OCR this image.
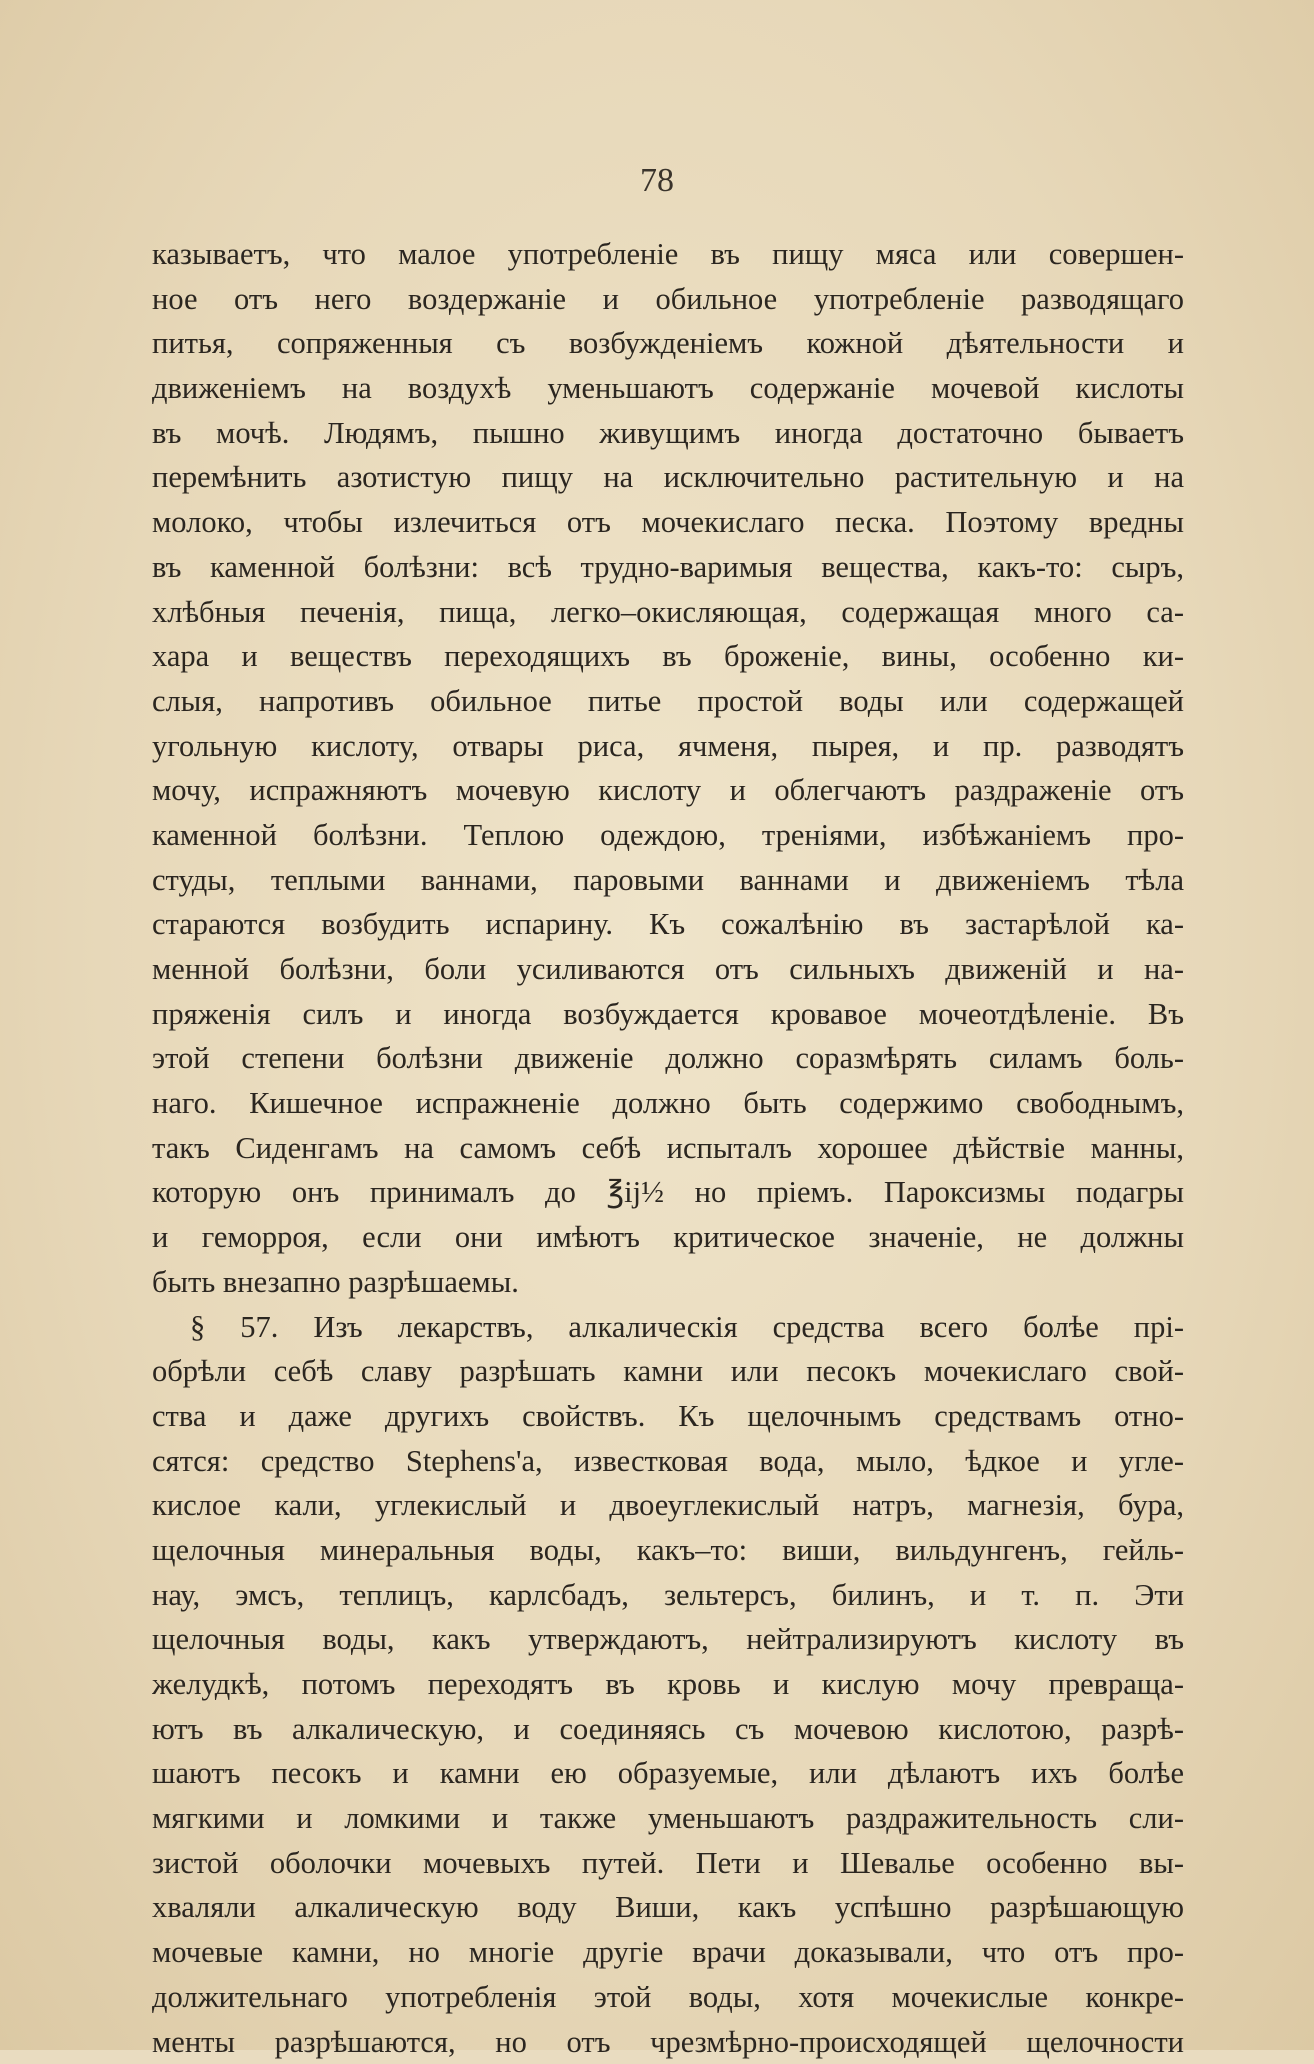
78
казываетъ, что малое употребленіе въ пищу мяса или совершен-
ное отъ него воздержаніе и обильное употребленіе разводящаго
питья, сопряженныя съ возбужденіемъ кожной дѣятельности и
движеніемъ на воздухѣ уменьшаютъ содержаніе мочевой кислоты
въ мочѣ. Людямъ, пышно живущимъ иногда достаточно бываетъ
перемѣнить азотистую пищу на исключительно растительную и на
молоко, чтобы излечиться отъ мочекислаго песка. Поэтому вредны
въ каменной болѣзни: всѣ трудно-варимыя вещества, какъ-то: сыръ,
хлѣбныя печенія, пища, легко–окисляющая, содержащая много са-
хара и веществъ переходящихъ въ броженіе, вины, особенно ки-
слыя, напротивъ обильное питье простой воды или содержащей
угольную кислоту, отвары риса, ячменя, пырея, и пр. разводятъ
мочу, испражняютъ мочевую кислоту и облегчаютъ раздраженіе отъ
каменной болѣзни. Теплою одеждою, треніями, избѣжаніемъ про-
студы, теплыми ваннами, паровыми ваннами и движеніемъ тѣла
стараются возбудить испарину. Къ сожалѣнію въ застарѣлой ка-
менной болѣзни, боли усиливаются отъ сильныхъ движеній и на-
пряженія силъ и иногда возбуждается кровавое мочеотдѣленіе. Въ
этой степени болѣзни движеніе должно соразмѣрять силамъ боль-
наго. Кишечное испражненіе должно быть содержимо свободнымъ,
такъ Сиденгамъ на самомъ себѣ испыталъ хорошее дѣйствіе манны,
которую онъ принималъ до ℥ij½ но пріемъ. Пароксизмы подагры
и геморроя, если они имѣютъ критическое значеніе, не должны
быть внезапно разрѣшаемы.
§ 57. Изъ лекарствъ, алкалическія средства всего болѣе прі-
обрѣли себѣ славу разрѣшать камни или песокъ мочекислаго свой-
ства и даже другихъ свойствъ. Къ щелочнымъ средствамъ отно-
сятся: средство Stephens'a, известковая вода, мыло, ѣдкое и угле-
кислое кали, углекислый и двоеуглекислый натръ, магнезія, бура,
щелочныя минеральныя воды, какъ–то: виши, вильдунгенъ, гейль-
нау, эмсъ, теплицъ, карлсбадъ, зельтерсъ, билинъ, и т. п. Эти
щелочныя воды, какъ утверждаютъ, нейтрализируютъ кислоту въ
желудкѣ, потомъ переходятъ въ кровь и кислую мочу превраща-
ютъ въ алкалическую, и соединяясь съ мочевою кислотою, разрѣ-
шаютъ песокъ и камни ею образуемые, или дѣлаютъ ихъ болѣе
мягкими и ломкими и также уменьшаютъ раздражительность сли-
зистой оболочки мочевыхъ путей. Пети и Шевалье особенно вы-
хваляли алкалическую воду Виши, какъ успѣшно разрѣшающую
мочевые камни, но многіе другіе врачи доказывали, что отъ про-
должительнаго употребленія этой воды, хотя мочекислые конкре-
менты разрѣшаются, но отъ чрезмѣрно-происходящей щелочности
